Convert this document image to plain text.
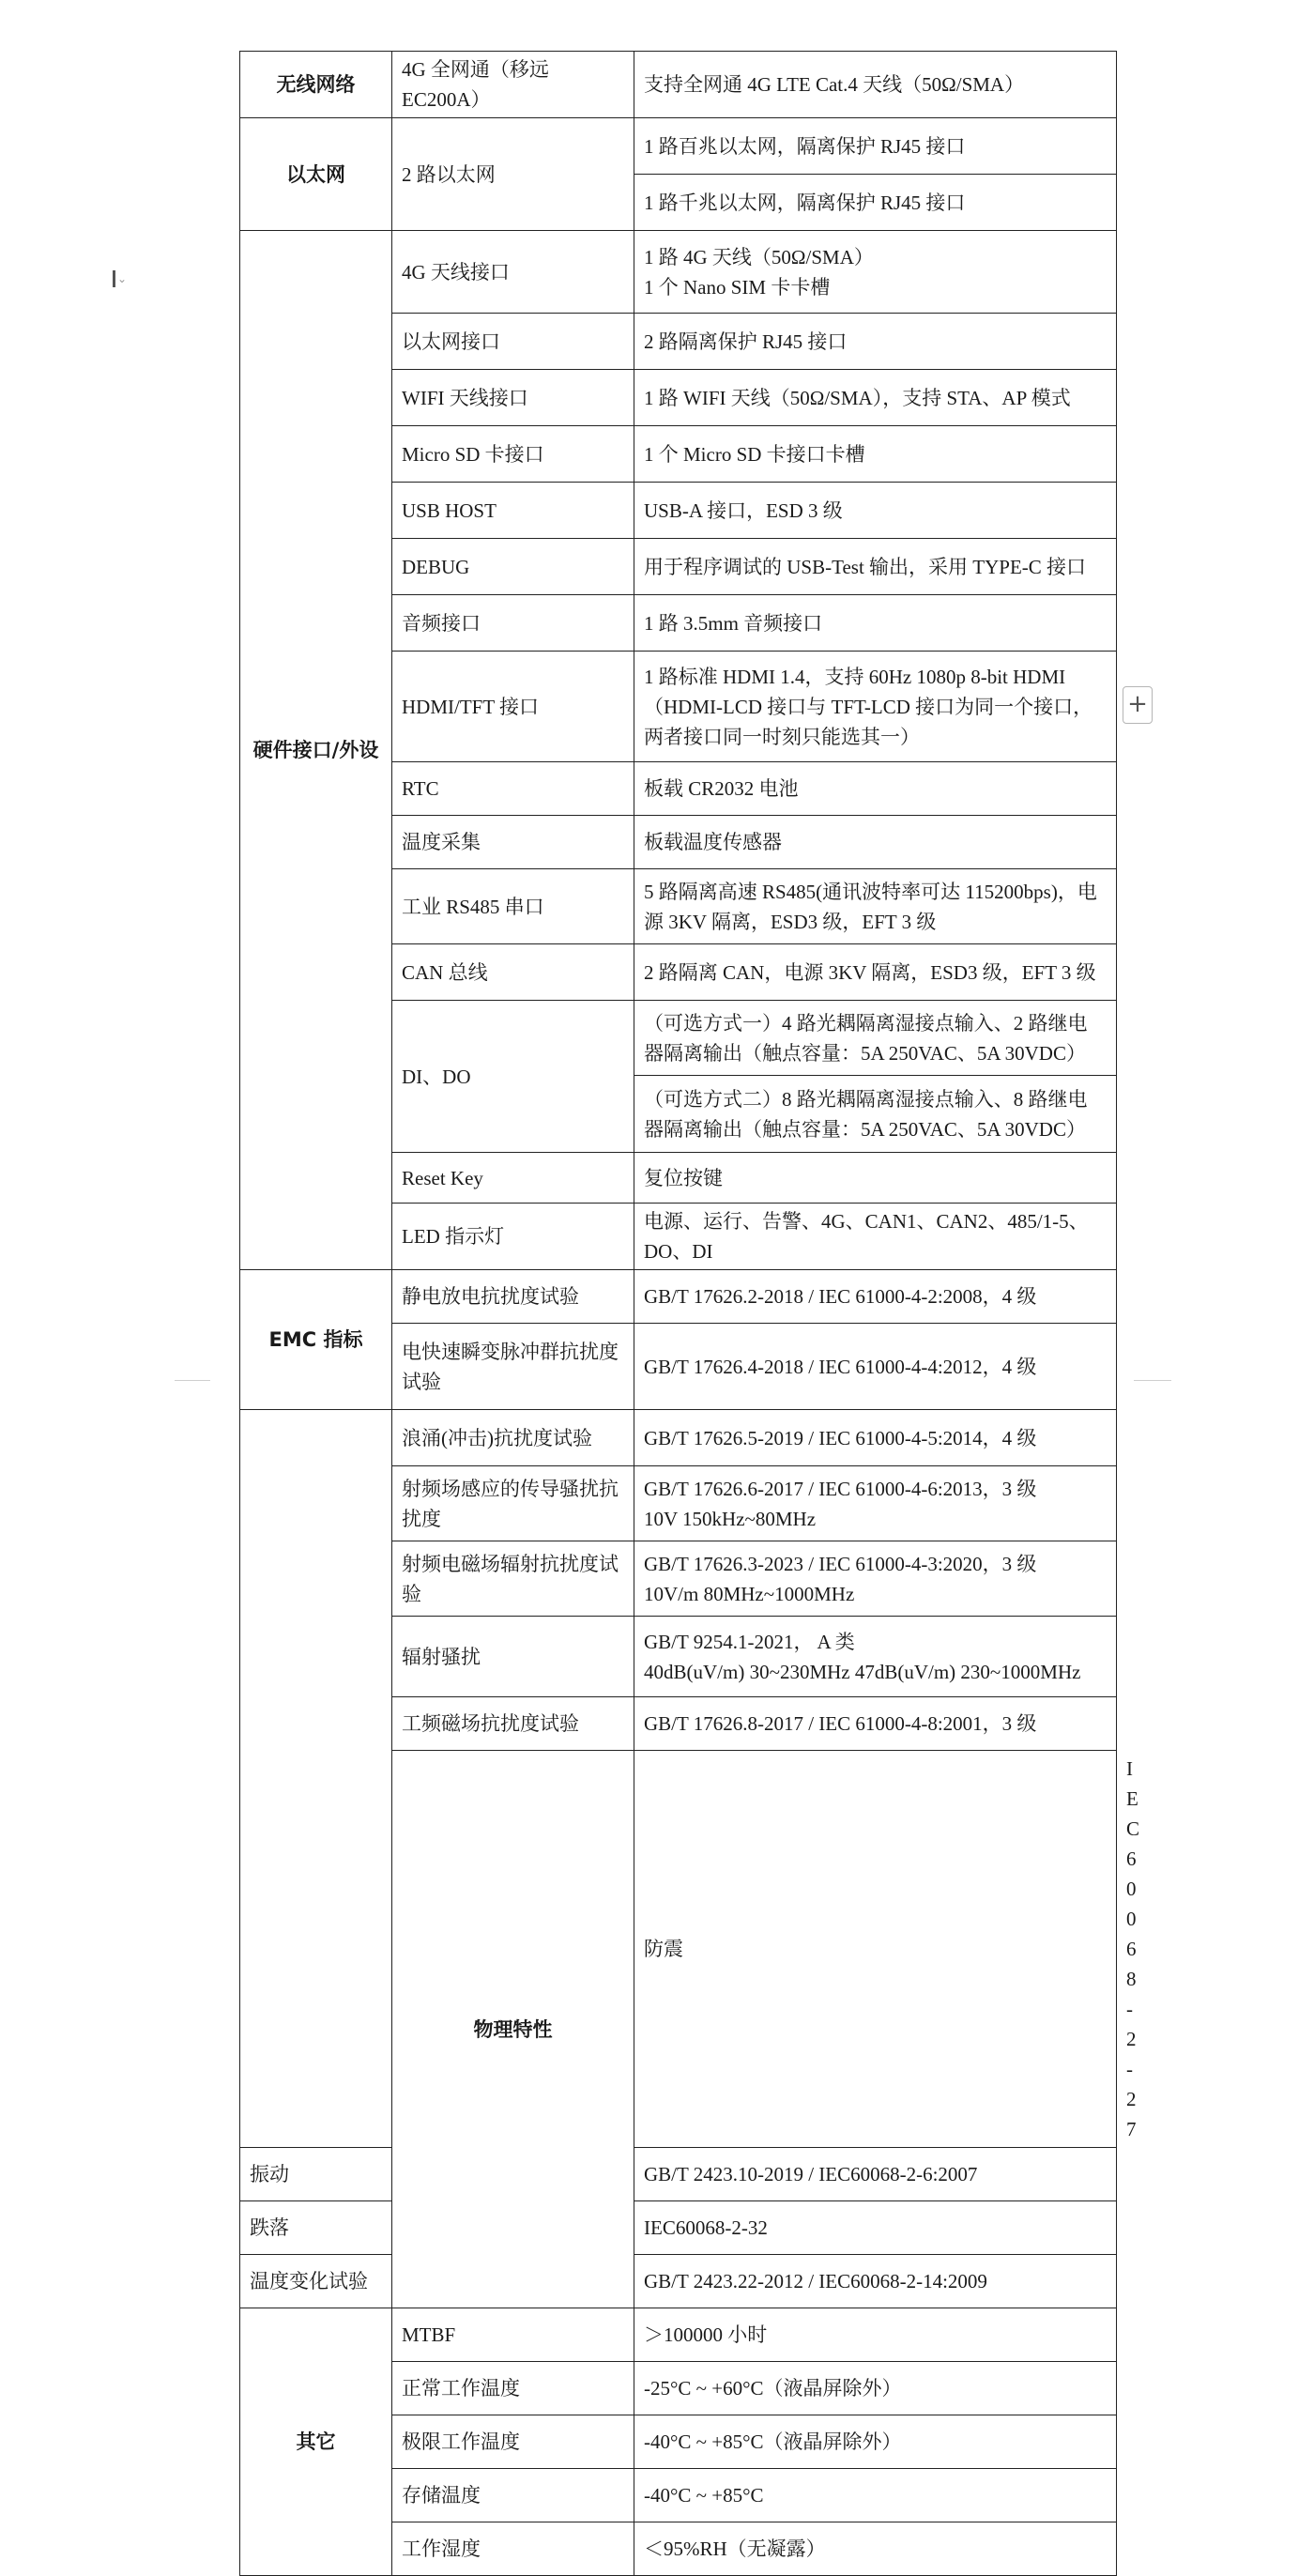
⌄
无线网络	4G 全网通（移远 EC200A）	支持全网通 4G LTE Cat.4 天线（50Ω/SMA）	
以太网	2 路以太网	1 路百兆以太网，隔离保护 RJ45 接口	
		1 路千兆以太网，隔离保护 RJ45 接口	
硬件接口/外设	4G 天线接口	1 路 4G 天线（50Ω/SMA）
1 个 Nano SIM 卡卡槽	
	以太网接口	2 路隔离保护 RJ45 接口	
	WIFI 天线接口	1 路 WIFI 天线（50Ω/SMA），支持 STA、AP 模式	
	Micro SD 卡接口	1 个 Micro SD 卡接口卡槽	
	USB HOST	USB-A 接口，ESD 3 级	
	DEBUG	用于程序调试的 USB-Test 输出，采用 TYPE-C 接口	
	音频接口	1 路 3.5mm 音频接口	
	HDMI/TFT 接口	1 路标准 HDMI 1.4，支持 60Hz 1080p 8-bit HDMI（HDMI-LCD 接口与 TFT-LCD 接口为同一个接口，两者接口同一时刻只能选其一）	
	RTC	板载 CR2032 电池	
	温度采集	板载温度传感器	
	工业 RS485 串口	5 路隔离高速 RS485(通讯波特率可达 115200bps)，电源 3KV 隔离，ESD3 级，EFT 3 级	
	CAN 总线	2 路隔离 CAN，电源 3KV 隔离，ESD3 级，EFT 3 级	
	DI、DO	（可选方式一）4 路光耦隔离湿接点输入、2 路继电器隔离输出（触点容量：5A 250VAC、5A 30VDC）	
		（可选方式二）8 路光耦隔离湿接点输入、8 路继电器隔离输出（触点容量：5A 250VAC、5A 30VDC）	
	Reset Key	复位按键	
	LED 指示灯	电源、运行、告警、4G、CAN1、CAN2、485/1-5、DO、DI	
EMC 指标	静电放电抗扰度试验	GB/T 17626.2-2018 / IEC 61000-4-2:2008，4 级	
	电快速瞬变脉冲群抗扰度试验	GB/T 17626.4-2018 / IEC 61000-4-4:2012，4 级	
	浪涌(冲击)抗扰度试验	GB/T 17626.5-2019 / IEC 61000-4-5:2014，4 级	
	射频场感应的传导骚扰抗扰度	GB/T 17626.6-2017 / IEC 61000-4-6:2013，3 级
10V 150kHz~80MHz	
	射频电磁场辐射抗扰度试验	GB/T 17626.3-2023 / IEC 61000-4-3:2020，3 级
10V/m 80MHz~1000MHz	
	辐射骚扰	GB/T 9254.1-2021， A 类
40dB(uV/m) 30~230MHz 47dB(uV/m) 230~1000MHz	
	工频磁场抗扰度试验	GB/T 17626.8-2017 / IEC 61000-4-8:2001，3 级	
	物理特性	防震	IEC60068-2-27
振动		GB/T 2423.10-2019 / IEC60068-2-6:2007	
跌落		IEC60068-2-32	
温度变化试验		GB/T 2423.22-2012 / IEC60068-2-14:2009	
其它	MTBF	＞100000 小时	
	正常工作温度	-25°C ~ +60°C（液晶屏除外）	
	极限工作温度	-40°C ~ +85°C（液晶屏除外）	
	存储温度	-40°C ~ +85°C	
	工作湿度	＜95%RH（无凝露）	
+
